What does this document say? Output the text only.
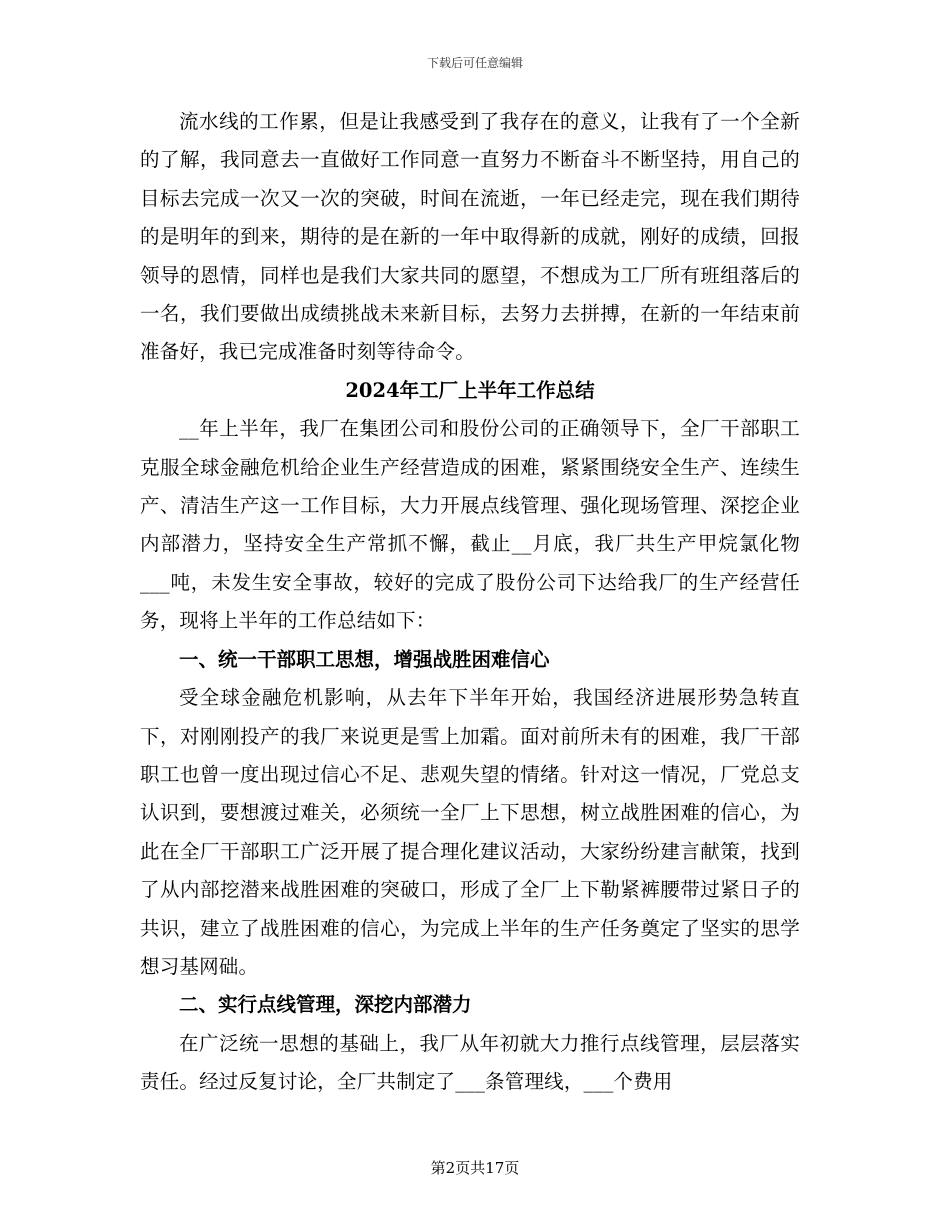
下载后可任意编辑

流水线的工作累，但是让我感受到了我存在的意义，让我有了一个全新的了解，我同意去一直做好工作同意一直努力不断奋斗不断坚持，用自己的目标去完成一次又一次的突破，时间在流逝，一年已经走完，现在我们期待的是明年的到来，期待的是在新的一年中取得新的成就，刚好的成绩，回报领导的恩情，同样也是我们大家共同的愿望，不想成为工厂所有班组落后的一名，我们要做出成绩挑战未来新目标，去努力去拼搏，在新的一年结束前准备好，我已完成准备时刻等待命令。

2024年工厂上半年工作总结

__年上半年，我厂在集团公司和股份公司的正确领导下，全厂干部职工克服全球金融危机给企业生产经营造成的困难，紧紧围绕安全生产、连续生产、清洁生产这一工作目标，大力开展点线管理、强化现场管理、深挖企业内部潜力，坚持安全生产常抓不懈，截止__月底，我厂共生产甲烷氯化物___吨，未发生安全事故，较好的完成了股份公司下达给我厂的生产经营任务，现将上半年的工作总结如下：

一、统一干部职工思想，增强战胜困难信心

受全球金融危机影响，从去年下半年开始，我国经济进展形势急转直下，对刚刚投产的我厂来说更是雪上加霜。面对前所未有的困难，我厂干部职工也曾一度出现过信心不足、悲观失望的情绪。针对这一情况，厂党总支认识到，要想渡过难关，必须统一全厂上下思想，树立战胜困难的信心，为此在全厂干部职工广泛开展了提合理化建议活动，大家纷纷建言献策，找到了从内部挖潜来战胜困难的突破口，形成了全厂上下勒紧裤腰带过紧日子的共识，建立了战胜困难的信心，为完成上半年的生产任务奠定了坚实的思学想习基网础。

二、实行点线管理，深挖内部潜力

在广泛统一思想的基础上，我厂从年初就大力推行点线管理，层层落实责任。经过反复讨论，全厂共制定了___条管理线，___个费用

第2页共17页
